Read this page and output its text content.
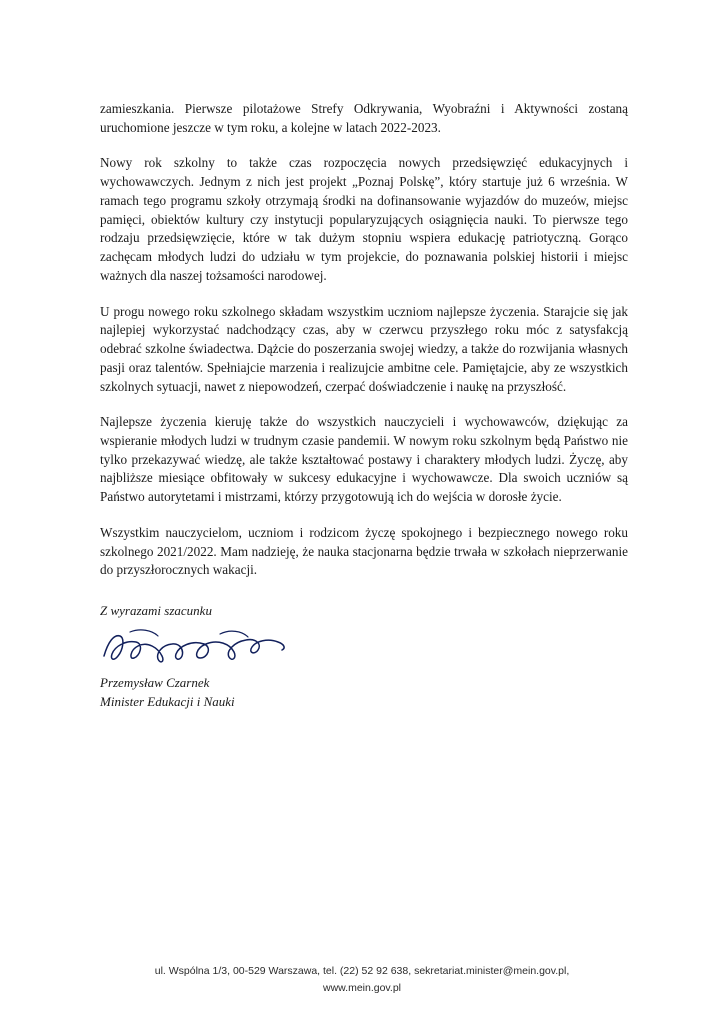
zamieszkania. Pierwsze pilotażowe Strefy Odkrywania, Wyobraźni i Aktywności zostaną uruchomione jeszcze w tym roku, a kolejne w latach 2022-2023.

Nowy rok szkolny to także czas rozpoczęcia nowych przedsięwzięć edukacyjnych i wychowawczych. Jednym z nich jest projekt „Poznaj Polskę”, który startuje już 6 września. W ramach tego programu szkoły otrzymają środki na dofinansowanie wyjazdów do muzeów, miejsc pamięci, obiektów kultury czy instytucji popularyzujących osiągnięcia nauki. To pierwsze tego rodzaju przedsięwzięcie, które w tak dużym stopniu wspiera edukację patriotyczną. Gorąco zachęcam młodych ludzi do udziału w tym projekcie, do poznawania polskiej historii i miejsc ważnych dla naszej tożsamości narodowej.

U progu nowego roku szkolnego składam wszystkim uczniom najlepsze życzenia. Starajcie się jak najlepiej wykorzystać nadchodzący czas, aby w czerwcu przyszłego roku móc z satysfakcją odebrać szkolne świadectwa. Dążcie do poszerzania swojej wiedzy, a także do rozwijania własnych pasji oraz talentów. Spełniajcie marzenia i realizujcie ambitne cele. Pamiętajcie, aby ze wszystkich szkolnych sytuacji, nawet z niepowodzeń, czerpać doświadczenie i naukę na przyszłość.

Najlepsze życzenia kieruję także do wszystkich nauczycieli i wychowawców, dziękując za wspieranie młodych ludzi w trudnym czasie pandemii. W nowym roku szkolnym będą Państwo nie tylko przekazywać wiedzę, ale także kształtować postawy i charaktery młodych ludzi. Życzę, aby najbliższe miesiące obfitowały w sukcesy edukacyjne i wychowawcze. Dla swoich uczniów są Państwo autorytetami i mistrzami, którzy przygotowują ich do wejścia w dorosłe życie.

Wszystkim nauczycielom, uczniom i rodzicom życzę spokojnego i bezpiecznego nowego roku szkolnego 2021/2022. Mam nadzieję, że nauka stacjonarna będzie trwała w szkołach nieprzerwanie do przyszłorocznych wakacji.

Z wyrazami szacunku
Przemysław Czarnek
Minister Edukacji i Nauki
ul. Wspólna 1/3, 00-529 Warszawa, tel. (22) 52 92 638, sekretariat.minister@mein.gov.pl,
www.mein.gov.pl
